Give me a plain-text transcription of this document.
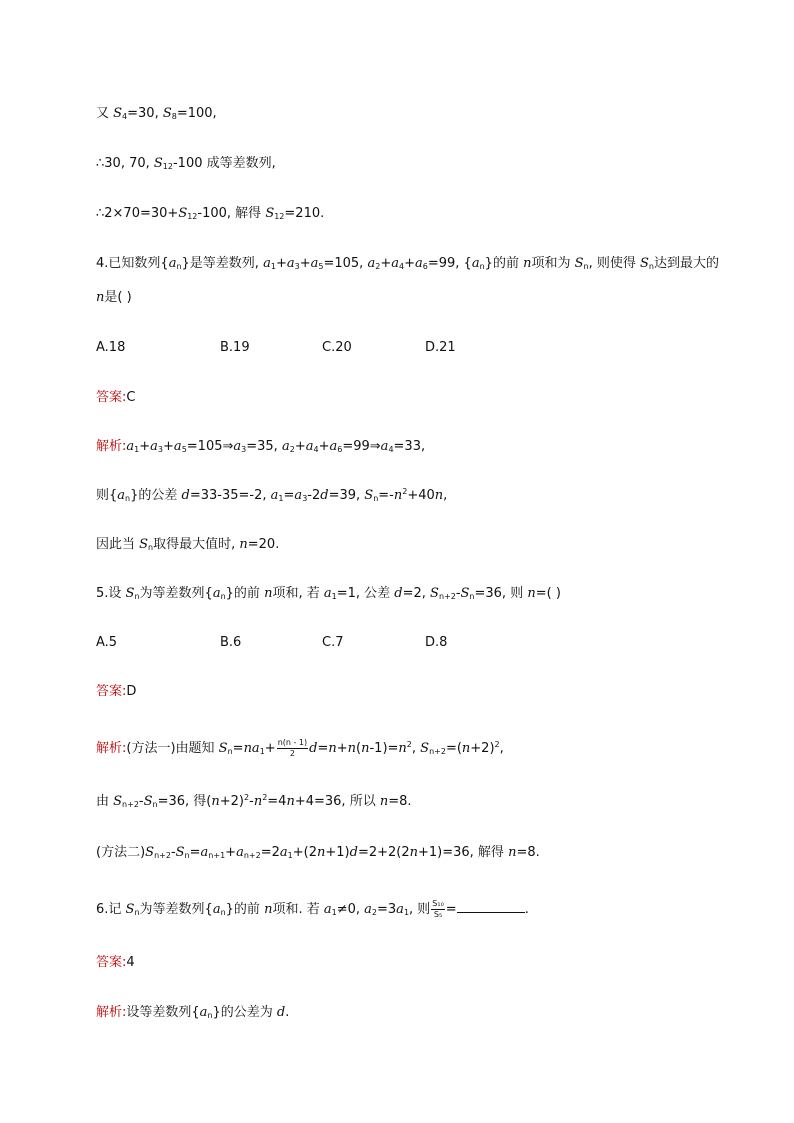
又 $S_4=30$, $S_8=100$,
∴30, 70, $S_{12}-100$ 成等差数列,
$\therefore 2\times 70=30+S_{12}-100$, 解得 $S_{12}=210$.
4.已知数列$\{a_n\}$是等差数列, $a_1+a_3+a_5=105$, $a_2+a_4+a_6=99$, $\{a_n\}$的前 n项和为 $S_n$, 则使得 $S_n$达到最大的
n是( )
A.18	B.19	C.20	D.21
答案:C
解析$:a_1+a_3+a_5=105\Rightarrow a_3=35$, $a_2+a_4+a_6=99\Rightarrow a_4=33$,
则$\{a_n\}$的公差 d=33-35=-2, $a_1=a_3-2d=39$, $S_n=-n^2+40n$,
因此当 $S_n$取得最大值时, n=20.
5.设 $S_n$为等差数列$\{a_n\}$的前 n项和, 若 $a_1=1$, 公差 d=2, $S_{n+2}-S_n=36$, 则 n=( )
A.5	B.6	C.7	D.8
答案:D
解析:(方法一)由题知 $S_n=na_1+ \frac{n(n - 1)}{2} d=n+n(n-1)=n^2$, $S_{n+2}=(n+2)^2$,
由 $S_{n+2}-S_n=36$, 得$(n+2)^2-n^2=4n+4=36$, 所以 n=8.
(方法二)$S_{n+2}-S_n=a_{n+1}+a_{n+2}=2a_1+(2n+1)d=2+2(2n+1)=36$, 解得 n=8.
6.记 $S_n$为等差数列$\{a_n\}$的前 n项和. 若 $a_1\ne 0$, $a_2=3a_1$, 则 $\frac{\text{S₁₀}}{\text{S₅}}$ =	.
答案:4
解析:设等差数列$\{a_n\}$的公差为 d.
